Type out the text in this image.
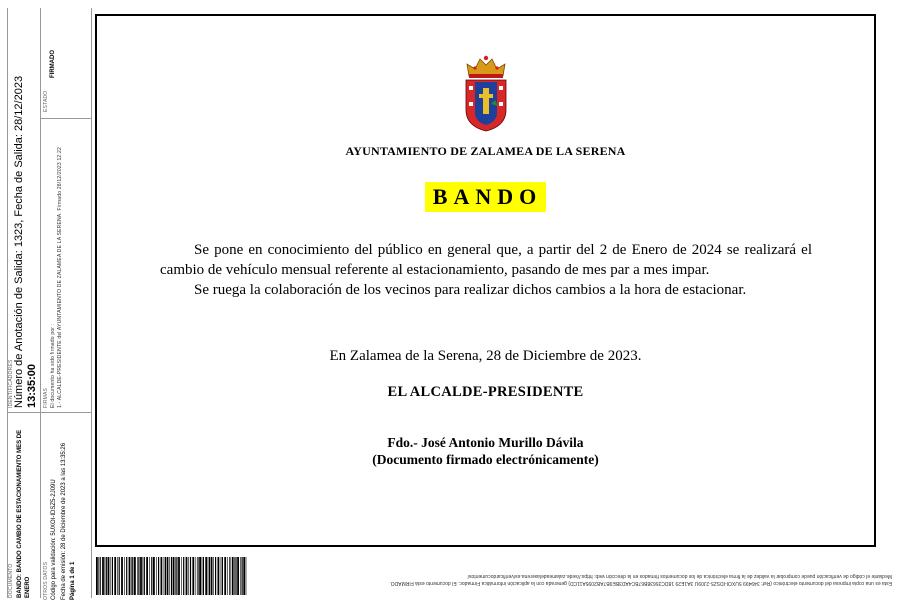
DOCUMENTO BANDO: BANDO CAMBIO DE ESTACIONAMIENTO MES DE ENERO
IDENTIFICADORES Número de Anotación de Salida: 1323, Fecha de Salida: 28/12/2023 13:35:00
OTROS DATOS Código para validación: 5UXOI-IDSZ5-2J09U Fecha de emisión: 28 de Diciembre de 2023 a las 13:35:26 Página 1 de 1
FIRMAS El documento ha sido firmado por : 1.- ALCALDE-PRESIDENTE del AYUNTAMIENTO DE ZALAMEA DE LA SERENA. Firmado 28/12/2023 12:22
ESTADO
FIRMADO
AYUNTAMIENTO DE ZALAMEA DE LA SERENA
BANDO

Se pone en conocimiento del público en general que, a partir del 2 de Enero de 2024 se realizará el cambio de vehículo mensual referente al estacionamiento, pasando de mes par a mes impar.

Se ruega la colaboración de los vecinos para realizar dichos cambios a la hora de estacionar.

En Zalamea de la Serena, 28 de Diciembre de 2023.
EL ALCALDE-PRESIDENTE
Fdo.- José Antonio Murillo Dávila
(Documento firmado electrónicamente)
Mediante el código de verificación puede comprobar la validez de la firma electrónica de los documentos firmados en la dirección web: https://sede.zalameadelaserena.es/verificardocumentos/
Esta es una copia impresa del documento electrónico (Ref: 349499 5UXOI-IDSZ5-2J09U 3A1E29 18DC35638B67BC4AD3BE9B7AB2095A11CD) generada con la aplicación informática Firmadoc. El documento está FIRMADO.
